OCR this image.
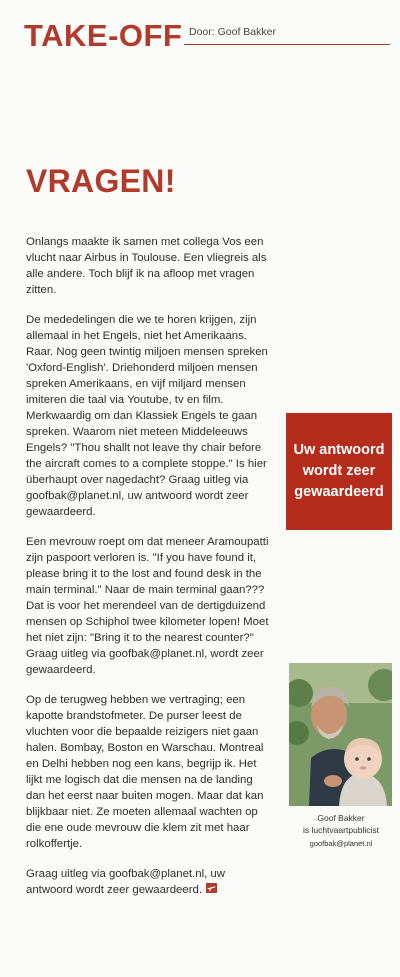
TAKE-OFF Door: Goof Bakker
VRAGEN!

Onlangs maakte ik samen met collega Vos een vlucht naar Airbus in Toulouse. Een vliegreis als alle andere. Toch blijf ik na afloop met vragen zitten.

De mededelingen die we te horen krijgen, zijn allemaal in het Engels, niet het Amerikaans. Raar. Nog geen twintig miljoen mensen spreken 'Oxford-English'. Driehonderd miljoen mensen spreken Amerikaans, en vijf miljard mensen imiteren die taal via Youtube, tv en film. Merkwaardig om dan Klassiek Engels te gaan spreken. Waarom niet meteen Middeleeuws Engels? "Thou shallt not leave thy chair before the aircraft comes to a complete stoppe." Is hier überhaupt over nagedacht? Graag uitleg via goofbak@planet.nl, uw antwoord wordt zeer gewaardeerd.

Een mevrouw roept om dat meneer Aramoupatti zijn paspoort verloren is. "If you have found it, please bring it to the lost and found desk in the main terminal." Naar de main terminal gaan??? Dat is voor het merendeel van de dertigduizend mensen op Schiphol twee kilometer lopen! Moet het niet zijn: "Bring it to the nearest counter?" Graag uitleg via goofbak@planet.nl, wordt zeer gewaardeerd.

Op de terugweg hebben we vertraging; een kapotte brandstofmeter. De purser leest de vluchten voor die bepaalde reizigers niet gaan halen. Bombay, Boston en Warschau. Montreal en Delhi hebben nog een kans, begrijp ik. Het lijkt me logisch dat die mensen na de landing dan het eerst naar buiten mogen. Maar dat kan blijkbaar niet. Ze moeten allemaal wachten op die ene oude mevrouw die klem zit met haar rolkoffertje.

Graag uitleg via goofbak@planet.nl, uw antwoord wordt zeer gewaardeerd.

Uw antwoord wordt zeer gewaardeerd
Goof Bakker
is luchtvaartpublicist
goofbak@planet.nl
